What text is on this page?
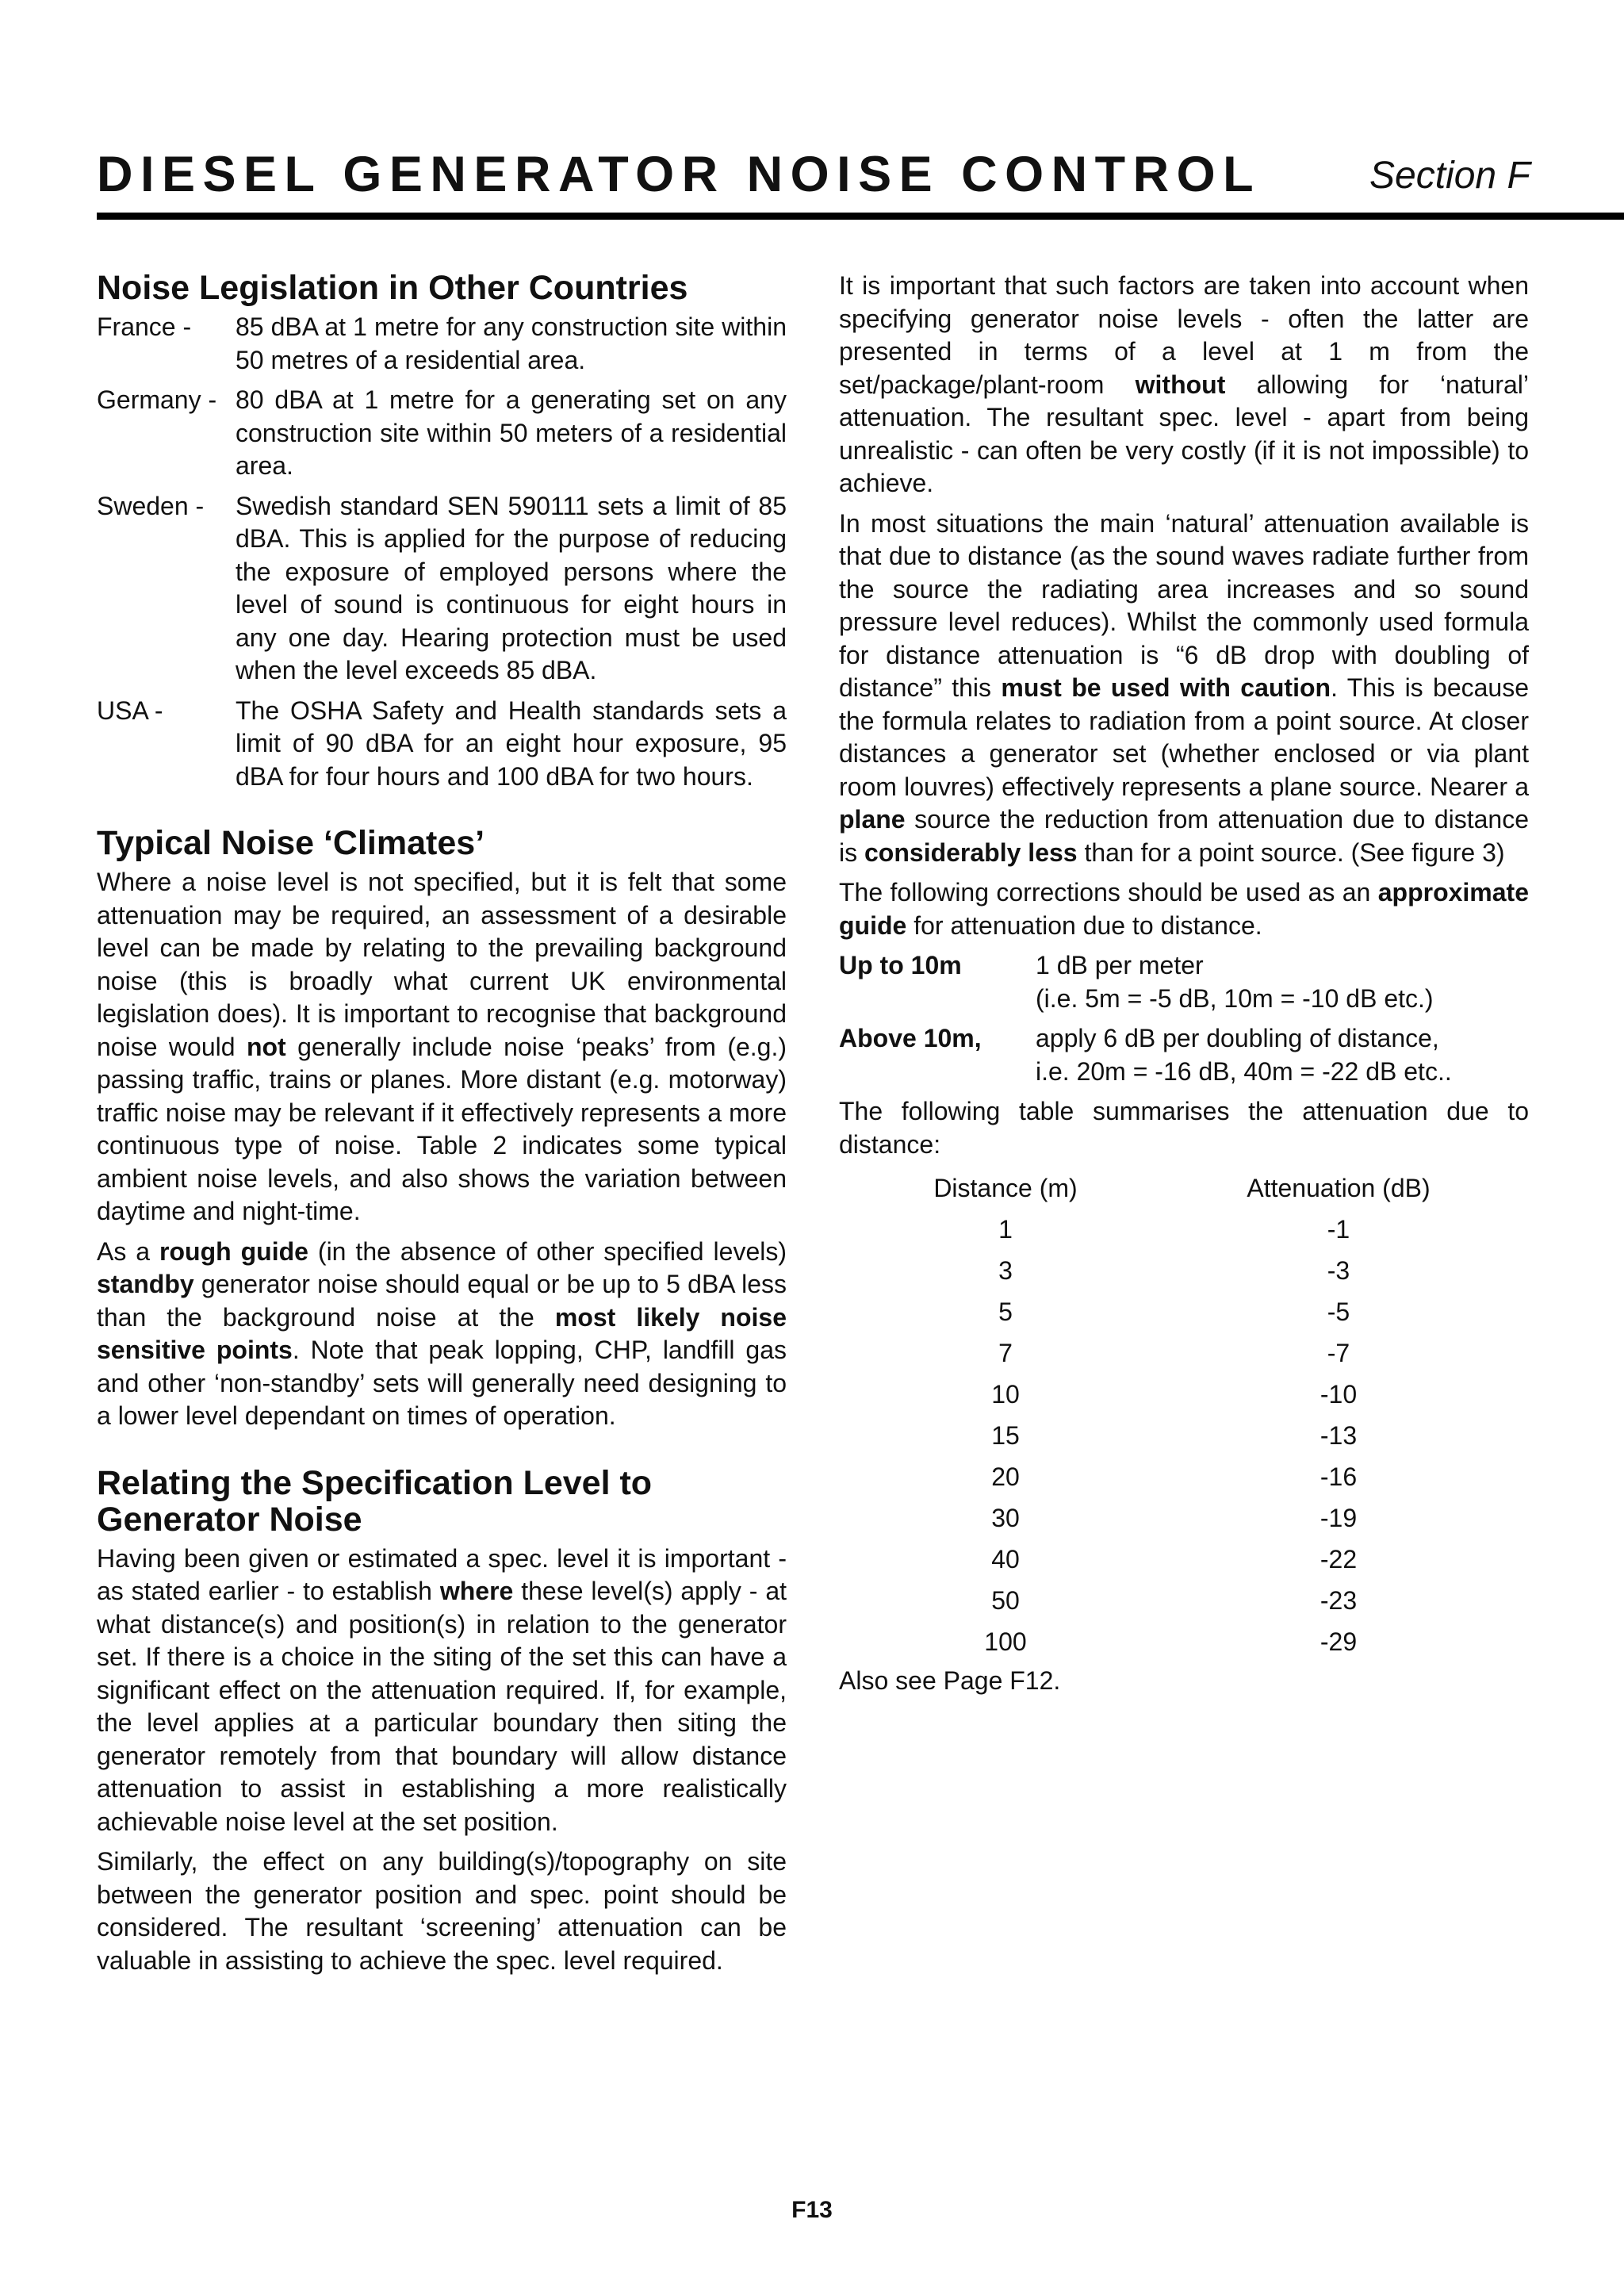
DIESEL GENERATOR NOISE CONTROL	Section F
Noise Legislation in Other Countries
France -	85 dBA at 1 metre for any construction site within 50 metres of a residential area.
Germany - 80 dBA at 1 metre for a generating set on any construction site within 50 meters of a residential area.
Sweden -	Swedish standard SEN 590111 sets a limit of 85 dBA. This is applied for the purpose of reducing the exposure of employed persons where the level of sound is continuous for eight hours in any one day. Hearing protection must be used when the level exceeds 85 dBA.
USA -	The OSHA Safety and Health standards sets a limit of 90 dBA for an eight hour exposure, 95 dBA for four hours and 100 dBA for two hours.
Typical Noise ‘Climates’

Where a noise level is not specified, but it is felt that some attenuation may be required, an assessment of a desirable level can be made by relating to the prevailing background noise (this is broadly what current UK environmental legislation does). It is important to recognise that background noise would not generally include noise ‘peaks’ from (e.g.) passing traffic, trains or planes. More distant (e.g. motorway) traffic noise may be relevant if it effectively represents a more continuous type of noise. Table 2 indicates some typical ambient noise levels, and also shows the variation between daytime and night-time.

As a rough guide (in the absence of other specified levels) standby generator noise should equal or be up to 5 dBA less than the background noise at the most likely noise sensitive points. Note that peak lopping, CHP, landfill gas and other ‘non-standby’ sets will generally need designing to a lower level dependant on times of operation.

Relating the Specification Level to
Generator Noise

Having been given or estimated a spec. level it is important - as stated earlier - to establish where these level(s) apply - at what distance(s) and position(s) in relation to the generator set. If there is a choice in the siting of the set this can have a significant effect on the attenuation required. If, for example, the level applies at a particular boundary then siting the generator remotely from that boundary will allow distance attenuation to assist in establishing a more realistically achievable noise level at the set position.

Similarly, the effect on any building(s)/topography on site between the generator position and spec. point should be considered. The resultant ‘screening’ attenuation can be valuable in assisting to achieve the spec. level required.

It is important that such factors are taken into account when specifying generator noise levels - often the latter are presented in terms of a level at 1 m from the set/package/plant-room without allowing for ‘natural’ attenuation. The resultant spec. level - apart from being unrealistic - can often be very costly (if it is not impossible) to achieve.

In most situations the main ‘natural’ attenuation available is that due to distance (as the sound waves radiate further from the source the radiating area increases and so sound pressure level reduces). Whilst the commonly used formula for distance attenuation is “6 dB drop with doubling of distance” this must be used with caution. This is because the formula relates to radiation from a point source. At closer distances a generator set (whether enclosed or via plant room louvres) effectively represents a plane source. Nearer a plane source the reduction from attenuation due to distance is considerably less than for a point source. (See figure 3)

The following corrections should be used as an approximate guide for attenuation due to distance.

Up to 10m	1 dB per meter
(i.e. 5m = -5 dB, 10m = -10 dB etc.)
Above 10m,	apply 6 dB per doubling of distance,
i.e. 20m = -16 dB, 40m = -22 dB etc..

The following table summarises the attenuation due to distance:

Distance (m)	Attenuation (dB)
1	-1
3	-3
5	-5
7	-7
10	-10
15	-13
20	-16
30	-19
40	-22
50	-23
100	-29

Also see Page F12.

F13
